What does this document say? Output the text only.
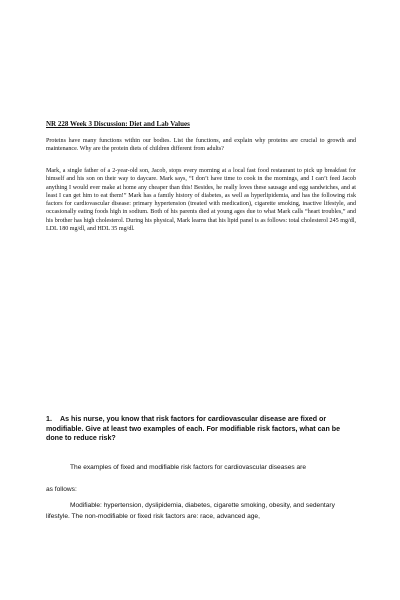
NR 228 Week 3 Discussion: Diet and Lab Values
Proteins have many functions within our bodies. List the functions, and explain why proteins are crucial to growth and maintenance. Why are the protein diets of children different from adults?
Mark, a single father of a 2-year-old son, Jacob, stops every morning at a local fast food restaurant to pick up breakfast for himself and his son on their way to daycare. Mark says, “I don’t have time to cook in the mornings, and I can’t feed Jacob anything I would ever make at home any cheaper than this! Besides, he really loves these sausage and egg sandwiches, and at least I can get him to eat them!” Mark has a family history of diabetes, as well as hyperlipidemia, and has the following risk factors for cardiovascular disease: primary hypertension (treated with medication), cigarette smoking, inactive lifestyle, and occasionally eating foods high in sodium. Both of his parents died at young ages due to what Mark calls “heart troubles,” and his brother has high cholesterol. During his physical, Mark learns that his lipid panel is as follows: total cholesterol 245 mg/dl, LDL 180 mg/dl, and HDL 35 mg/dl.
1. As his nurse, you know that risk factors for cardiovascular disease are fixed or modifiable. Give at least two examples of each. For modifiable risk factors, what can be done to reduce risk?
The examples of fixed and modifiable risk factors for cardiovascular diseases are
as follows:
Modifiable: hypertension, dyslipidemia, diabetes, cigarette smoking, obesity, and sedentary lifestyle. The non-modifiable or fixed risk factors are: race, advanced age,
